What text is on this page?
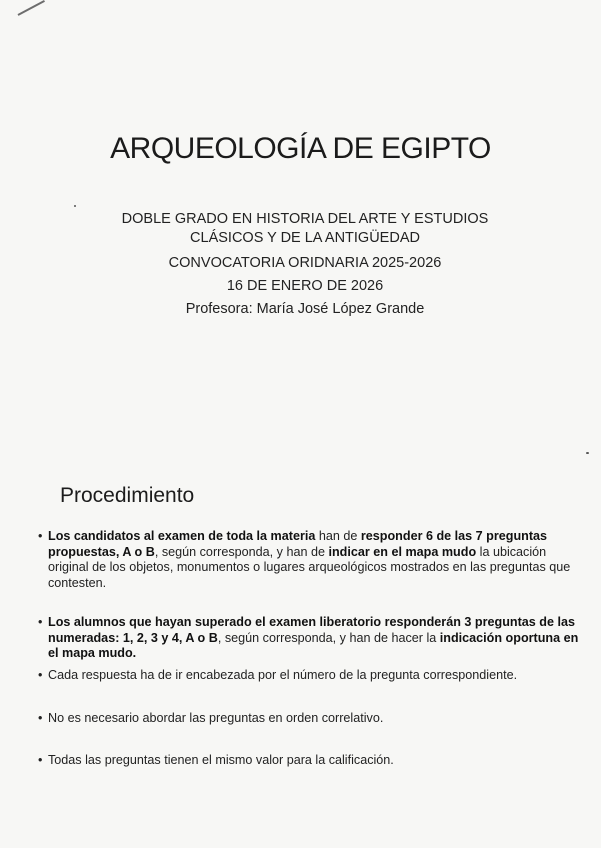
ARQUEOLOGÍA DE EGIPTO
DOBLE GRADO EN HISTORIA DEL ARTE Y ESTUDIOS
CLÁSICOS Y DE LA ANTIGÜEDAD
CONVOCATORIA ORIDNARIA 2025-2026
16 DE ENERO DE 2026
Profesora: María José López Grande
Procedimiento
• Los candidatos al examen de toda la materia han de responder 6 de las 7 preguntas propuestas, A o B, según corresponda, y han de indicar en el mapa mudo la ubicación original de los objetos, monumentos o lugares arqueológicos mostrados en las preguntas que contesten.
• Los alumnos que hayan superado el examen liberatorio responderán 3 preguntas de las numeradas: 1, 2, 3 y 4, A o B, según corresponda, y han de hacer la indicación oportuna en el mapa mudo.
• Cada respuesta ha de ir encabezada por el número de la pregunta correspondiente.
• No es necesario abordar las preguntas en orden correlativo.
• Todas las preguntas tienen el mismo valor para la calificación.
